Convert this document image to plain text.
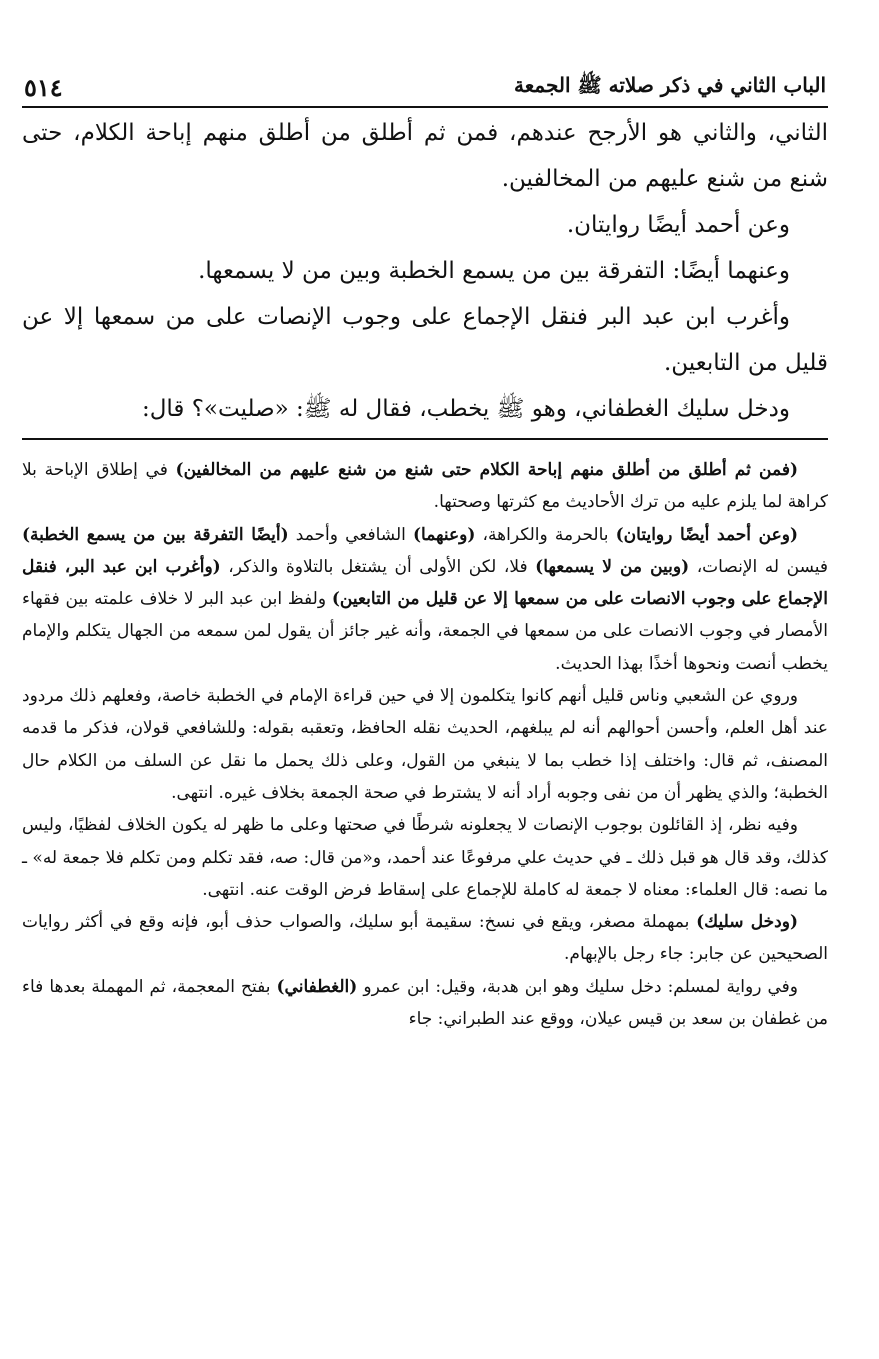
الباب الثاني في ذكر صلاته ﷺ الجمعة
٥١٤

الثاني، والثاني هو الأرجح عندهم، فمن ثم أطلق من أطلق منهم إباحة الكلام، حتى شنع من شنع عليهم من المخالفين.

وعن أحمد أيضًا روايتان.

وعنهما أيضًا: التفرقة بين من يسمع الخطبة وبين من لا يسمعها.

وأغرب ابن عبد البر فنقل الإجماع على وجوب الإنصات على من سمعها إلا عن قليل من التابعين.

ودخل سليك الغطفاني، وهو ﷺ يخطب، فقال له ﷺ: «صليت»؟ قال:

(فمن ثم أطلق من أطلق منهم إباحة الكلام حتى شنع من شنع عليهم من المخالفين) في إطلاق الإباحة بلا كراهة لما يلزم عليه من ترك الأحاديث مع كثرتها وصحتها.

(وعن أحمد أيضًا روايتان) بالحرمة والكراهة، (وعنهما) الشافعي وأحمد (أيضًا التفرقة بين من يسمع الخطبة) فيسن له الإنصات، (وبين من لا يسمعها) فلا، لكن الأولى أن يشتغل بالتلاوة والذكر، (وأغرب ابن عبد البر، فنقل الإجماع على وجوب الانصات على من سمعها إلا عن قليل من التابعين) ولفظ ابن عبد البر لا خلاف علمته بين فقهاء الأمصار في وجوب الانصات على من سمعها في الجمعة، وأنه غير جائز أن يقول لمن سمعه من الجهال يتكلم والإمام يخطب أنصت ونحوها أخذًا بهذا الحديث.

وروي عن الشعبي وناس قليل أنهم كانوا يتكلمون إلا في حين قراءة الإمام في الخطبة خاصة، وفعلهم ذلك مردود عند أهل العلم، وأحسن أحوالهم أنه لم يبلغهم، الحديث نقله الحافظ، وتعقبه بقوله: وللشافعي قولان، فذكر ما قدمه المصنف، ثم قال: واختلف إذا خطب بما لا ينبغي من القول، وعلى ذلك يحمل ما نقل عن السلف من الكلام حال الخطبة؛ والذي يظهر أن من نفى وجوبه أراد أنه لا يشترط في صحة الجمعة بخلاف غيره. انتهى.

وفيه نظر، إذ القائلون بوجوب الإنصات لا يجعلونه شرطًا في صحتها وعلى ما ظهر له يكون الخلاف لفظيًا، وليس كذلك، وقد قال هو قبل ذلك ـ في حديث علي مرفوعًا عند أحمد، و«من قال: صه، فقد تكلم ومن تكلم فلا جمعة له» ـ ما نصه: قال العلماء: معناه لا جمعة له كاملة للإجماع على إسقاط فرض الوقت عنه. انتهى.

(ودخل سليك) بمهملة مصغر، ويقع في نسخ: سقيمة أبو سليك، والصواب حذف أبو، فإنه وقع في أكثر روايات الصحيحين عن جابر: جاء رجل بالإبهام.

وفي رواية لمسلم: دخل سليك وهو ابن هدبة، وقيل: ابن عمرو (الغطفاني) بفتح المعجمة، ثم المهملة بعدها فاء من غطفان بن سعد بن قيس عيلان، ووقع عند الطبراني: جاء
